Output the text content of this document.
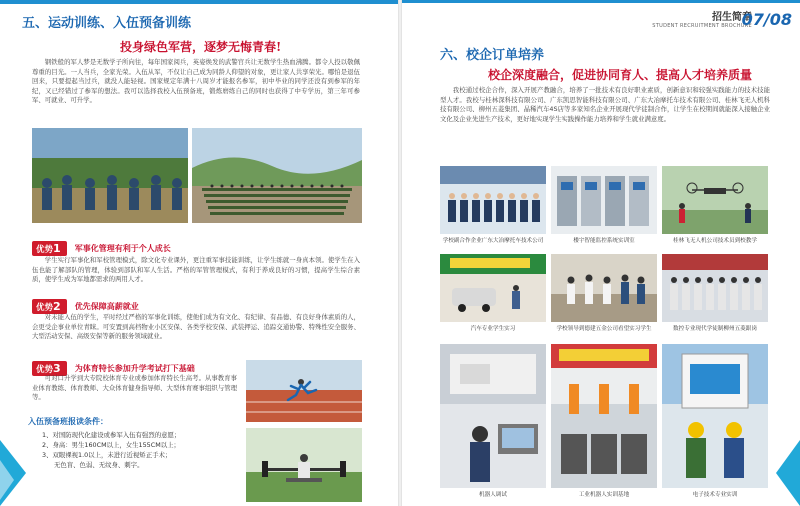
五、运动训练、入伍预备训练
投身绿色军营，逐梦无悔青春!
钢铁般的军人梦是无数学子所向往，每年国家阅兵，英姿焕发的武警官兵让无数学生热血沸腾。都令人投以敬佩尊重的目光。一人当兵，全家光荣。入伍从军，不仅让自己成为同龄人仰望的对象，更让家人共享荣光。哪怕是退伍回来，只要提起当过兵，就没人能轻视。国家规定年满十八周岁才能报名参军，初中毕业的同学还没有到参军的年纪，又已经错过了参军的想法。我可以选择我校入伍预备班，锻炼磨练自己的同时也获得了中专学历，第三年可参军、可就业、可升学。
优势1 军事化管理有利于个人成长
学生实行军事化和军校管理模式，除文化专业课外，更注重军事技能训练，让学生练就一身真本领。使学生在入伍也能了解部队的管理，体验到部队和军人生活。严格的军管管理模式，有利于养成良好的习惯，提高学生综合素质，使学生成为军地都需求的两用人才。
优势2 优先保障高薪就业
对未能入伍的学生，平时经过严格的军事化训练，使他们成为有文化、有纪律、有品德、有良好身体素质的人，会更受企事业单位青睐。可安置到高档物业小区安保、各类学校安保、武装押运、追踪交通协警、特殊性安全服务、大型活动安保、高级安保等新的服务领域就业。
优势3 为体育特长参加升学考试打下基础
可对口升学到大专院校体育专业或参加体育特长生高考。从事教育事业体育教练、体育教师、大众体育健身指导师、大型体育赛事组织与管理等。
入伍预备班报读条件：
1、对国防现代化建设或参军入伍有强烈的意愿；
2、身高：男生160CM以上，女生155CM以上；
3、双眼裸视1.0以上，未进行近视矫正手术；
无色盲、色弱、无纹身、刺字。
招生简章
STUDENT RECRUITMENT BROCHURE
07/08
六、校企订单培养
校企深度融合，促进协同育人、提高人才培养质量
我校通过校企合作，深入开展产教融合，培养了一批技术有良好职业素质，创新意识和较强实践能力的技术技能型人才。我校与桂林深科技有限公司、广东凯思智能科技有限公司、广东大冶摩托车技术有限公司、桂林飞无人机科技有限公司、柳州五菱集团、晶稀汽车4S店等多家知名企业开展现代学徒制合作，让学生在校期间就能深入接触企业文化及企业先进生产技术，更好地实现学生实践操作能力培养和学生就业满意度。
学校副合作企业广东大冶摩托车技术公司	楼宇智能监控系统实训室	桂林飞无人机公司技术员到校教学
汽车专业学生实习	学校领导到德建五金公司看望实习学生	数控专业现代学徒制柳州五菱跟岗
机器人调试	工业机器人实训基地	电子技术专业实训
